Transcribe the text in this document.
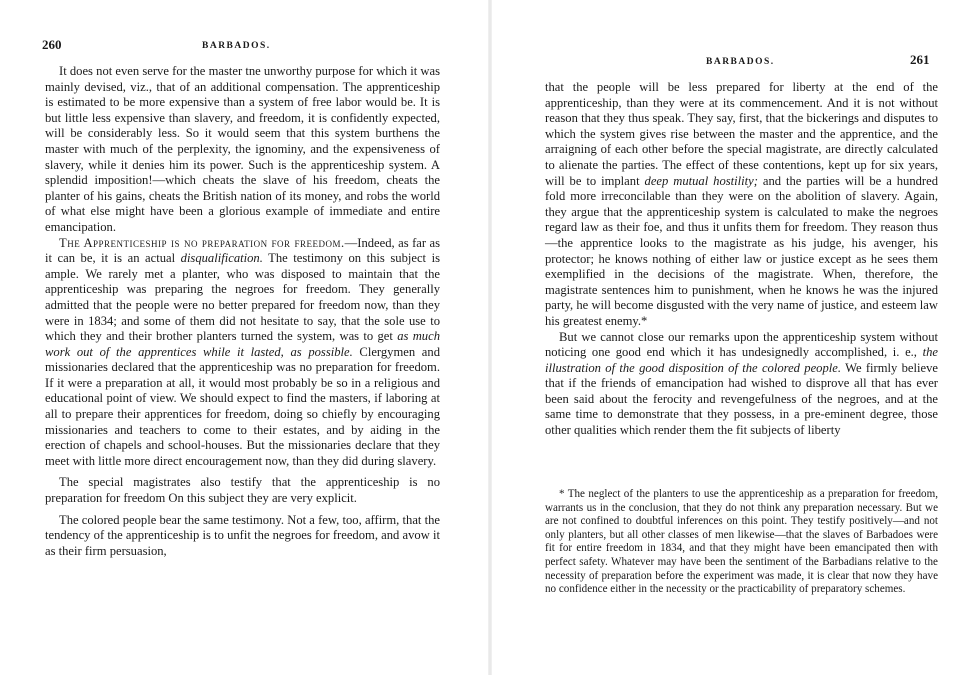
260	BARBADOS.

It does not even serve for the master tne unworthy purpose for which it was mainly devised, viz., that of an additional compensation. The apprenticeship is estimated to be more expensive than a system of free labor would be. It is but little less expensive than slavery, and freedom, it is confidently expected, will be considerably less. So it would seem that this system burthens the master with much of the perplexity, the ignominy, and the expensiveness of slavery, while it denies him its power. Such is the apprenticeship system. A splendid imposition!—which cheats the slave of his freedom, cheats the planter of his gains, cheats the British nation of its money, and robs the world of what else might have been a glorious example of immediate and entire emancipation.

The Apprenticeship is no preparation for freedom.—Indeed, as far as it can be, it is an actual disqualification. The testimony on this subject is ample. We rarely met a planter, who was disposed to maintain that the apprenticeship was preparing the negroes for freedom. They generally admitted that the people were no better prepared for freedom now, than they were in 1834; and some of them did not hesitate to say, that the sole use to which they and their brother planters turned the system, was to get as much work out of the apprentices while it lasted, as possible. Clergymen and missionaries declared that the apprenticeship was no preparation for freedom. If it were a preparation at all, it would most probably be so in a religious and educational point of view. We should expect to find the masters, if laboring at all to prepare their apprentices for freedom, doing so chiefly by encouraging missionaries and teachers to come to their estates, and by aiding in the erection of chapels and school-houses. But the missionaries declare that they meet with little more direct encouragement now, than they did during slavery.

The special magistrates also testify that the apprenticeship is no preparation for freedom On this subject they are very explicit.

The colored people bear the same testimony. Not a few, too, affirm, that the tendency of the apprenticeship is to unfit the negroes for freedom, and avow it as their firm persuasion,

BARBADOS.	261

that the people will be less prepared for liberty at the end of the apprenticeship, than they were at its commencement. And it is not without reason that they thus speak. They say, first, that the bickerings and disputes to which the system gives rise between the master and the apprentice, and the arraigning of each other before the special magistrate, are directly calculated to alienate the parties. The effect of these contentions, kept up for six years, will be to implant deep mutual hostility; and the parties will be a hundred fold more irreconcilable than they were on the abolition of slavery. Again, they argue that the apprenticeship system is calculated to make the negroes regard law as their foe, and thus it unfits them for freedom. They reason thus—the apprentice looks to the magistrate as his judge, his avenger, his protector; he knows nothing of either law or justice except as he sees them exemplified in the decisions of the magistrate. When, therefore, the magistrate sentences him to punishment, when he knows he was the injured party, he will become disgusted with the very name of justice, and esteem law his greatest enemy.*

But we cannot close our remarks upon the apprenticeship system without noticing one good end which it has undesignedly accomplished, i. e., the illustration of the good disposition of the colored people. We firmly believe that if the friends of emancipation had wished to disprove all that has ever been said about the ferocity and revengefulness of the negroes, and at the same time to demonstrate that they possess, in a pre-eminent degree, those other qualities which render them the fit subjects of liberty

* The neglect of the planters to use the apprenticeship as a preparation for freedom, warrants us in the conclusion, that they do not think any preparation necessary. But we are not confined to doubtful inferences on this point. They testify positively—and not only planters, but all other classes of men likewise—that the slaves of Barbadoes were fit for entire freedom in 1834, and that they might have been emancipated then with perfect safety. Whatever may have been the sentiment of the Barbadians relative to the necessity of preparation before the experiment was made, it is clear that now they have no confidence either in the necessity or the practicability of preparatory schemes.
